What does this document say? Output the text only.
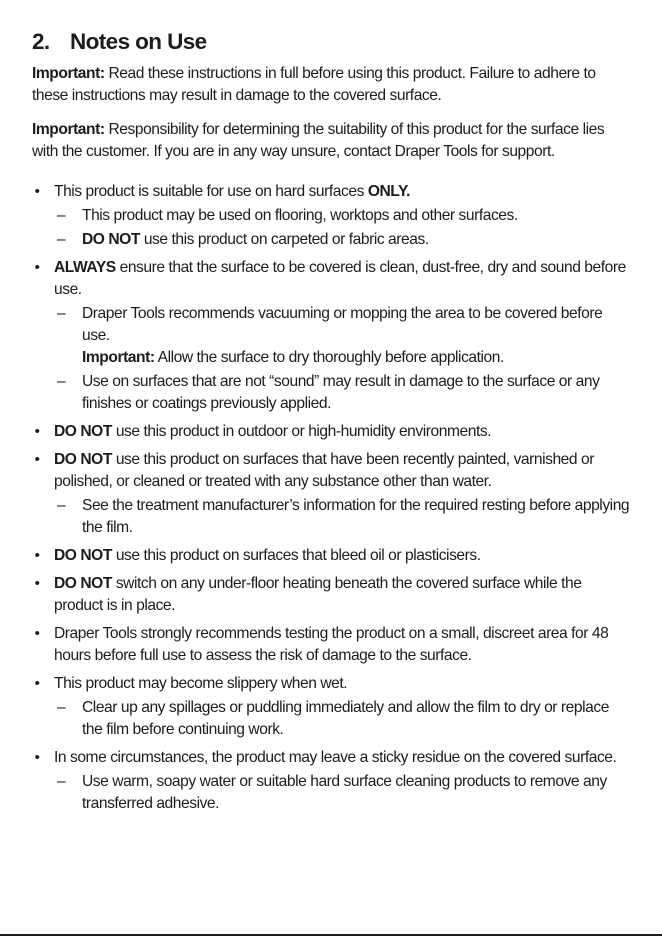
2. Notes on Use

Important: Read these instructions in full before using this product. Failure to adhere to these instructions may result in damage to the covered surface.

Important: Responsibility for determining the suitability of this product for the surface lies with the customer. If you are in any way unsure, contact Draper Tools for support.

• This product is suitable for use on hard surfaces ONLY.
– This product may be used on flooring, worktops and other surfaces.
– DO NOT use this product on carpeted or fabric areas.
• ALWAYS ensure that the surface to be covered is clean, dust-free, dry and sound before use.
– Draper Tools recommends vacuuming or mopping the area to be covered before use.
Important: Allow the surface to dry thoroughly before application.
– Use on surfaces that are not “sound” may result in damage to the surface or any finishes or coatings previously applied.
• DO NOT use this product in outdoor or high-humidity environments.
• DO NOT use this product on surfaces that have been recently painted, varnished or polished, or cleaned or treated with any substance other than water.
– See the treatment manufacturer’s information for the required resting before applying the film.
• DO NOT use this product on surfaces that bleed oil or plasticisers.
• DO NOT switch on any under-floor heating beneath the covered surface while the product is in place.
• Draper Tools strongly recommends testing the product on a small, discreet area for 48 hours before full use to assess the risk of damage to the surface.
• This product may become slippery when wet.
– Clear up any spillages or puddling immediately and allow the film to dry or replace the film before continuing work.
• In some circumstances, the product may leave a sticky residue on the covered surface.
– Use warm, soapy water or suitable hard surface cleaning products to remove any transferred adhesive.
